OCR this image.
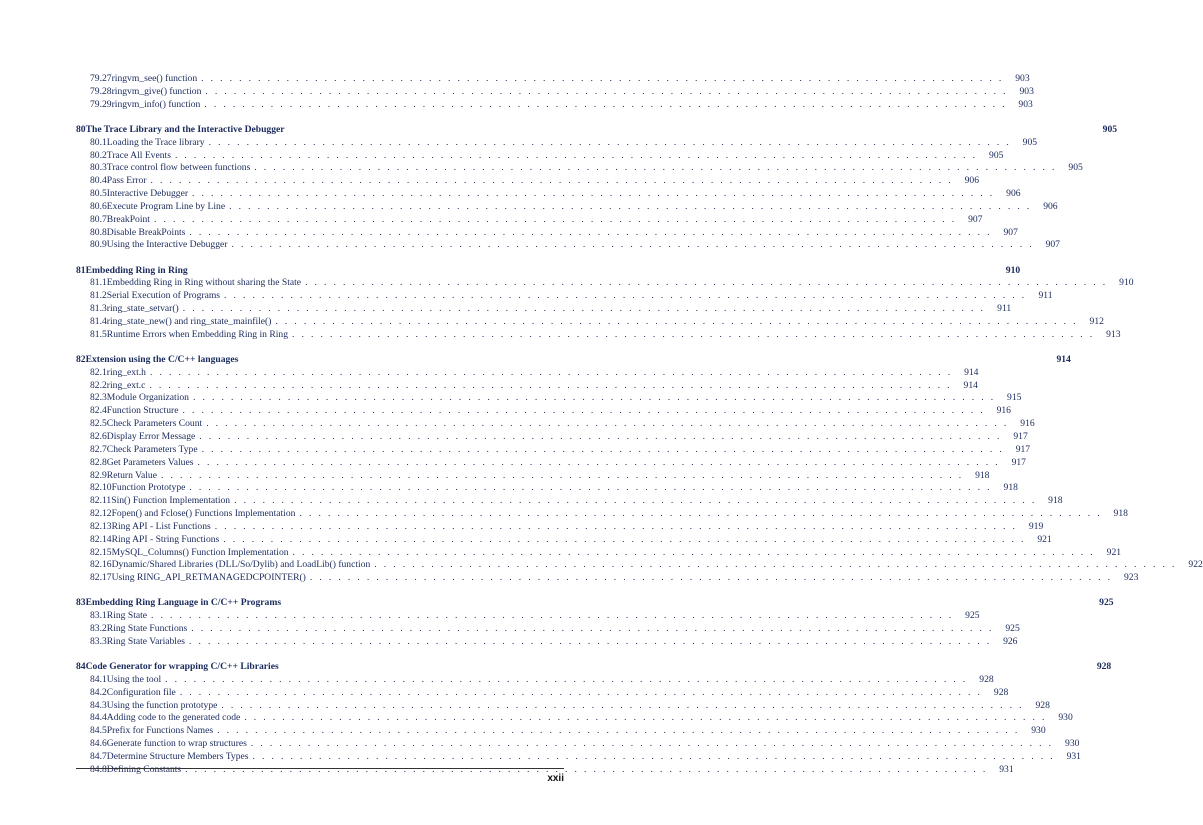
79.27 ringvm_see() function . . . . . . . . . . . . . . . . . . . . . . . . . . . . . . . . . . . . . . . . . . . . . . . . . . . . . . . . . . . . . . . . . . . . . . . . . . . . . . . . . . . . .	903
79.28 ringvm_give() function . . . . . . . . . . . . . . . . . . . . . . . . . . . . . . . . . . . . . . . . . . . . . . . . . . . . . . . . . . . . . . . . . . . . . . . . . . . . . . . . . . . . .	903
79.29 ringvm_info() function . . . . . . . . . . . . . . . . . . . . . . . . . . . . . . . . . . . . . . . . . . . . . . . . . . . . . . . . . . . . . . . . . . . . . . . . . . . . . . . . . . . . .	903
80 The Trace Library and the Interactive Debugger	905
80.1 Loading the Trace library . . . . . . . . . . . . . . . . . . . . . . . . . . . . . . . . . . . . . . . . . . . . . . . . . . . . . . . . . . . . . . . . . . . . . . . . . . . . . . . . . . . . .	905
80.2 Trace All Events . . . . . . . . . . . . . . . . . . . . . . . . . . . . . . . . . . . . . . . . . . . . . . . . . . . . . . . . . . . . . . . . . . . . . . . . . . . . . . . . . . . . .	905
80.3 Trace control flow between functions . . . . . . . . . . . . . . . . . . . . . . . . . . . . . . . . . . . . . . . . . . . . . . . . . . . . . . . . . . . . . . . . . . . . . . . . . . . . . . . . . . . . .	905
80.4 Pass Error . . . . . . . . . . . . . . . . . . . . . . . . . . . . . . . . . . . . . . . . . . . . . . . . . . . . . . . . . . . . . . . . . . . . . . . . . . . . . . . . . . . . .	906
80.5 Interactive Debugger . . . . . . . . . . . . . . . . . . . . . . . . . . . . . . . . . . . . . . . . . . . . . . . . . . . . . . . . . . . . . . . . . . . . . . . . . . . . . . . . . . . . .	906
80.6 Execute Program Line by Line . . . . . . . . . . . . . . . . . . . . . . . . . . . . . . . . . . . . . . . . . . . . . . . . . . . . . . . . . . . . . . . . . . . . . . . . . . . . . . . . . . . . .	906
80.7 BreakPoint . . . . . . . . . . . . . . . . . . . . . . . . . . . . . . . . . . . . . . . . . . . . . . . . . . . . . . . . . . . . . . . . . . . . . . . . . . . . . . . . . . . . .	907
80.8 Disable BreakPoints . . . . . . . . . . . . . . . . . . . . . . . . . . . . . . . . . . . . . . . . . . . . . . . . . . . . . . . . . . . . . . . . . . . . . . . . . . . . . . . . . . . . .	907
80.9 Using the Interactive Debugger . . . . . . . . . . . . . . . . . . . . . . . . . . . . . . . . . . . . . . . . . . . . . . . . . . . . . . . . . . . . . . . . . . . . . . . . . . . . . . . . . . . . .	907
81 Embedding Ring in Ring	910
81.1 Embedding Ring in Ring without sharing the State . . . . . . . . . . . . . . . . . . . . . . . . . . . . . . . . . . . . . . . . . . . . . . . . . . . . . . . . . . . . . . . . . . . . . . . . . . . . . . . . . . . . .	910
81.2 Serial Execution of Programs . . . . . . . . . . . . . . . . . . . . . . . . . . . . . . . . . . . . . . . . . . . . . . . . . . . . . . . . . . . . . . . . . . . . . . . . . . . . . . . . . . . . .	911
81.3 ring_state_setvar() . . . . . . . . . . . . . . . . . . . . . . . . . . . . . . . . . . . . . . . . . . . . . . . . . . . . . . . . . . . . . . . . . . . . . . . . . . . . . . . . . . . . .	911
81.4 ring_state_new() and ring_state_mainfile() . . . . . . . . . . . . . . . . . . . . . . . . . . . . . . . . . . . . . . . . . . . . . . . . . . . . . . . . . . . . . . . . . . . . . . . . . . . . . . . . . . . . .	912
81.5 Runtime Errors when Embedding Ring in Ring . . . . . . . . . . . . . . . . . . . . . . . . . . . . . . . . . . . . . . . . . . . . . . . . . . . . . . . . . . . . . . . . . . . . . . . . . . . . . . . . . . . . .	913
82 Extension using the C/C++ languages	914
82.1 ring_ext.h . . . . . . . . . . . . . . . . . . . . . . . . . . . . . . . . . . . . . . . . . . . . . . . . . . . . . . . . . . . . . . . . . . . . . . . . . . . . . . . . . . . . .	914
82.2 ring_ext.c . . . . . . . . . . . . . . . . . . . . . . . . . . . . . . . . . . . . . . . . . . . . . . . . . . . . . . . . . . . . . . . . . . . . . . . . . . . . . . . . . . . . .	914
82.3 Module Organization . . . . . . . . . . . . . . . . . . . . . . . . . . . . . . . . . . . . . . . . . . . . . . . . . . . . . . . . . . . . . . . . . . . . . . . . . . . . . . . . . . . . .	915
82.4 Function Structure . . . . . . . . . . . . . . . . . . . . . . . . . . . . . . . . . . . . . . . . . . . . . . . . . . . . . . . . . . . . . . . . . . . . . . . . . . . . . . . . . . . . .	916
82.5 Check Parameters Count . . . . . . . . . . . . . . . . . . . . . . . . . . . . . . . . . . . . . . . . . . . . . . . . . . . . . . . . . . . . . . . . . . . . . . . . . . . . . . . . . . . . .	916
82.6 Display Error Message . . . . . . . . . . . . . . . . . . . . . . . . . . . . . . . . . . . . . . . . . . . . . . . . . . . . . . . . . . . . . . . . . . . . . . . . . . . . . . . . . . . . .	917
82.7 Check Parameters Type . . . . . . . . . . . . . . . . . . . . . . . . . . . . . . . . . . . . . . . . . . . . . . . . . . . . . . . . . . . . . . . . . . . . . . . . . . . . . . . . . . . . .	917
82.8 Get Parameters Values . . . . . . . . . . . . . . . . . . . . . . . . . . . . . . . . . . . . . . . . . . . . . . . . . . . . . . . . . . . . . . . . . . . . . . . . . . . . . . . . . . . . .	917
82.9 Return Value . . . . . . . . . . . . . . . . . . . . . . . . . . . . . . . . . . . . . . . . . . . . . . . . . . . . . . . . . . . . . . . . . . . . . . . . . . . . . . . . . . . . .	918
82.10 Function Prototype . . . . . . . . . . . . . . . . . . . . . . . . . . . . . . . . . . . . . . . . . . . . . . . . . . . . . . . . . . . . . . . . . . . . . . . . . . . . . . . . . . . . .	918
82.11 Sin() Function Implementation . . . . . . . . . . . . . . . . . . . . . . . . . . . . . . . . . . . . . . . . . . . . . . . . . . . . . . . . . . . . . . . . . . . . . . . . . . . . . . . . . . . . .	918
82.12 Fopen() and Fclose() Functions Implementation . . . . . . . . . . . . . . . . . . . . . . . . . . . . . . . . . . . . . . . . . . . . . . . . . . . . . . . . . . . . . . . . . . . . . . . . . . . . . . . . . . . . .	918
82.13 Ring API - List Functions . . . . . . . . . . . . . . . . . . . . . . . . . . . . . . . . . . . . . . . . . . . . . . . . . . . . . . . . . . . . . . . . . . . . . . . . . . . . . . . . . . . . .	919
82.14 Ring API - String Functions . . . . . . . . . . . . . . . . . . . . . . . . . . . . . . . . . . . . . . . . . . . . . . . . . . . . . . . . . . . . . . . . . . . . . . . . . . . . . . . . . . . . .	921
82.15 MySQL_Columns() Function Implementation . . . . . . . . . . . . . . . . . . . . . . . . . . . . . . . . . . . . . . . . . . . . . . . . . . . . . . . . . . . . . . . . . . . . . . . . . . . . . . . . . . . . .	921
82.16 Dynamic/Shared Libraries (DLL/So/Dylib) and LoadLib() function . . . . . . . . . . . . . . . . . . . . . . . . . . . . . . . . . . . . . . . . . . . . . . . . . . . . . . . . . . . . . . . . . . . . . . . . . . . . . . . . . . . . .	922
82.17 Using RING_API_RETMANAGEDCPOINTER() . . . . . . . . . . . . . . . . . . . . . . . . . . . . . . . . . . . . . . . . . . . . . . . . . . . . . . . . . . . . . . . . . . . . . . . . . . . . . . . . . . . . .	923
83 Embedding Ring Language in C/C++ Programs	925
83.1 Ring State . . . . . . . . . . . . . . . . . . . . . . . . . . . . . . . . . . . . . . . . . . . . . . . . . . . . . . . . . . . . . . . . . . . . . . . . . . . . . . . . . . . . .	925
83.2 Ring State Functions . . . . . . . . . . . . . . . . . . . . . . . . . . . . . . . . . . . . . . . . . . . . . . . . . . . . . . . . . . . . . . . . . . . . . . . . . . . . . . . . . . . . .	925
83.3 Ring State Variables . . . . . . . . . . . . . . . . . . . . . . . . . . . . . . . . . . . . . . . . . . . . . . . . . . . . . . . . . . . . . . . . . . . . . . . . . . . . . . . . . . . . .	926
84 Code Generator for wrapping C/C++ Libraries	928
84.1 Using the tool . . . . . . . . . . . . . . . . . . . . . . . . . . . . . . . . . . . . . . . . . . . . . . . . . . . . . . . . . . . . . . . . . . . . . . . . . . . . . . . . . . . . .	928
84.2 Configuration file . . . . . . . . . . . . . . . . . . . . . . . . . . . . . . . . . . . . . . . . . . . . . . . . . . . . . . . . . . . . . . . . . . . . . . . . . . . . . . . . . . . . .	928
84.3 Using the function prototype . . . . . . . . . . . . . . . . . . . . . . . . . . . . . . . . . . . . . . . . . . . . . . . . . . . . . . . . . . . . . . . . . . . . . . . . . . . . . . . . . . . . .	928
84.4 Adding code to the generated code . . . . . . . . . . . . . . . . . . . . . . . . . . . . . . . . . . . . . . . . . . . . . . . . . . . . . . . . . . . . . . . . . . . . . . . . . . . . . . . . . . . . .	930
84.5 Prefix for Functions Names . . . . . . . . . . . . . . . . . . . . . . . . . . . . . . . . . . . . . . . . . . . . . . . . . . . . . . . . . . . . . . . . . . . . . . . . . . . . . . . . . . . . .	930
84.6 Generate function to wrap structures . . . . . . . . . . . . . . . . . . . . . . . . . . . . . . . . . . . . . . . . . . . . . . . . . . . . . . . . . . . . . . . . . . . . . . . . . . . . . . . . . . . . .	930
84.7 Determine Structure Members Types . . . . . . . . . . . . . . . . . . . . . . . . . . . . . . . . . . . . . . . . . . . . . . . . . . . . . . . . . . . . . . . . . . . . . . . . . . . . . . . . . . . . .	931
84.8 Defining Constants . . . . . . . . . . . . . . . . . . . . . . . . . . . . . . . . . . . . . . . . . . . . . . . . . . . . . . . . . . . . . . . . . . . . . . . . . . . . . . . . . . . . .	931
xxii
